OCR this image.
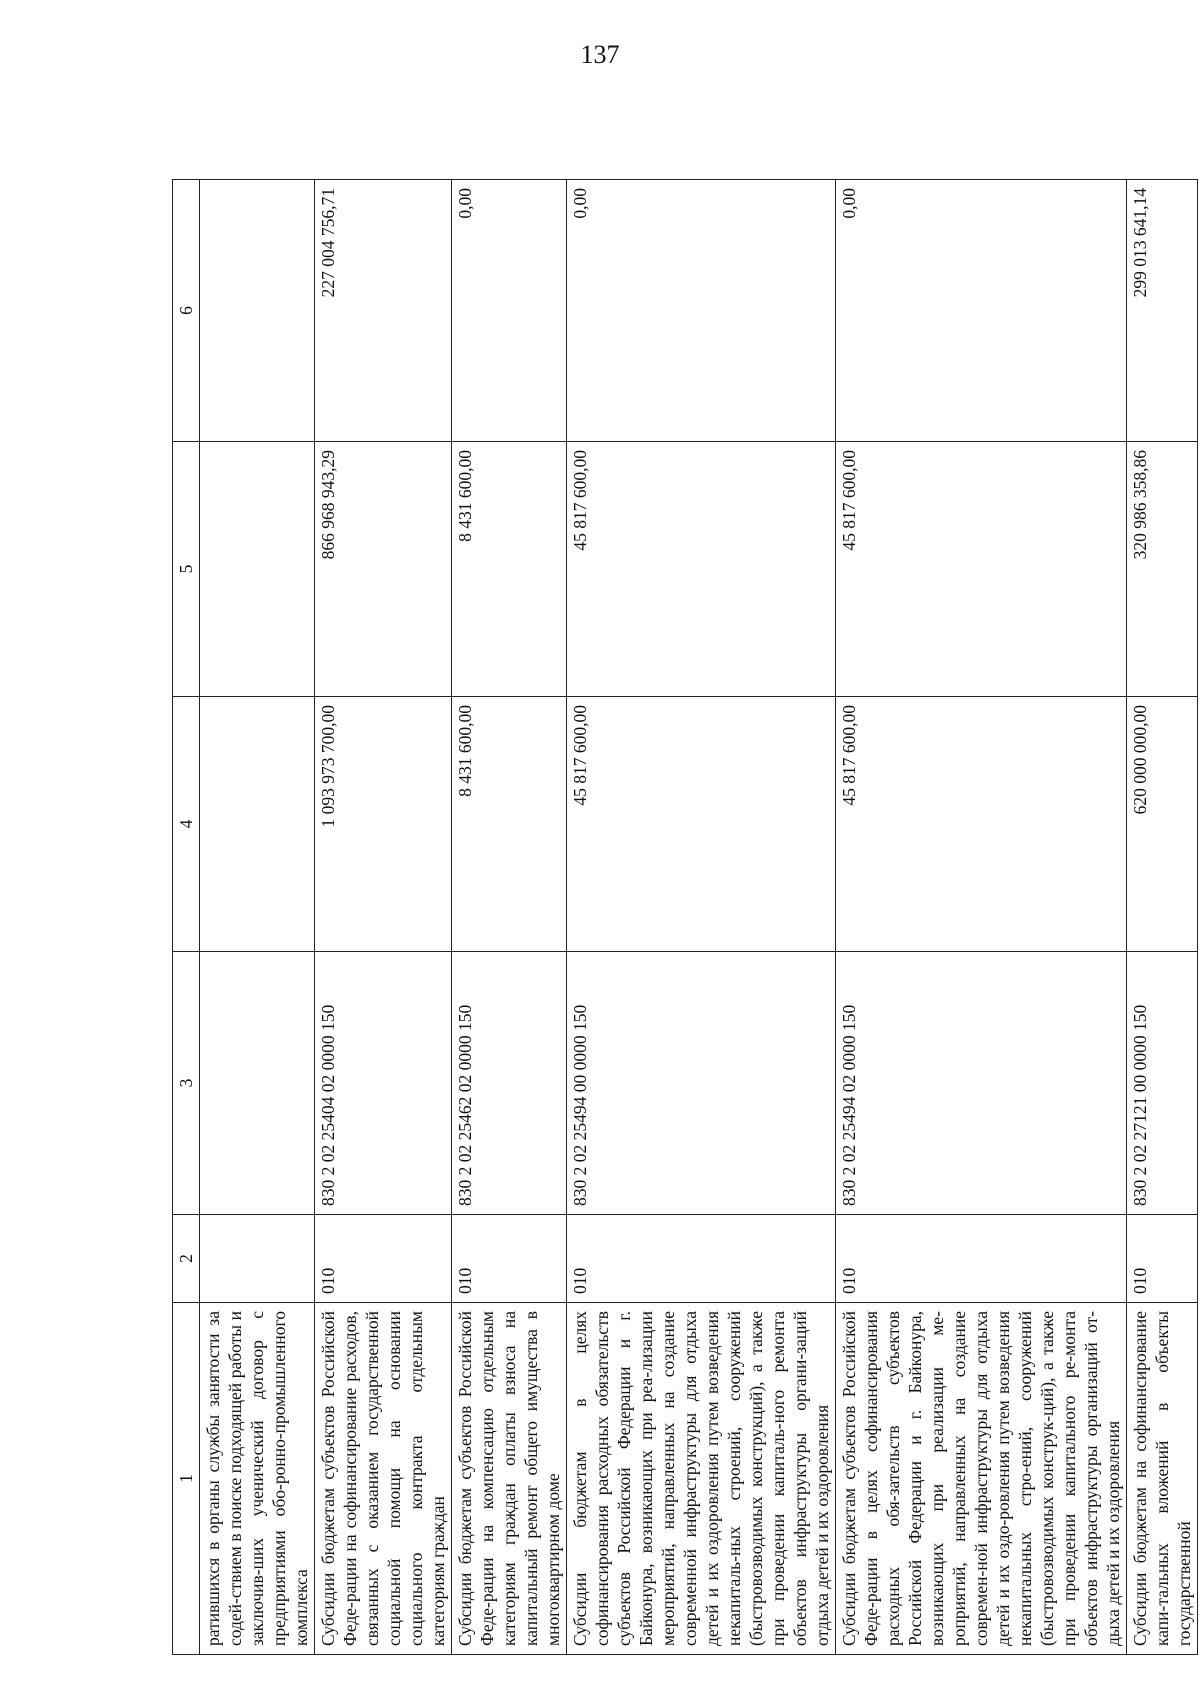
137
1	2	3	4	5	6
ратившихся в органы службы занятости за содей-ствием в поиске подходящей работы и заключив-ших ученический договор с предприятиями обо-ронно-промышленного комплекса					
Субсидии бюджетам субъектов Российской Феде-рации на софинансирование расходов, связанных с оказанием государственной социальной помощи на основании социального контракта отдельным категориям граждан	010	830 2 02 25404 02 0000 150	1 093 973 700,00	866 968 943,29	227 004 756,71
Субсидии бюджетам субъектов Российской Феде-рации на компенсацию отдельным категориям граждан оплаты взноса на капитальный ремонт общего имущества в многоквартирном доме	010	830 2 02 25462 02 0000 150	8 431 600,00	8 431 600,00	0,00
Субсидии бюджетам в целях софинансирования расходных обязательств субъектов Российской Федерации и г. Байконура, возникающих при реа-лизации мероприятий, направленных на создание современной инфраструктуры для отдыха детей и их оздоровления путем возведения некапиталь-ных строений, сооружений (быстровозводимых конструкций), а также при проведении капиталь-ного ремонта объектов инфраструктуры органи-заций отдыха детей и их оздоровления	010	830 2 02 25494 00 0000 150	45 817 600,00	45 817 600,00	0,00
Субсидии бюджетам субъектов Российской Феде-рации в целях софинансирования расходных обя-зательств субъектов Российской Федерации и г. Байконура, возникающих при реализации ме-роприятий, направленных на создание современ-ной инфраструктуры для отдыха детей и их оздо-ровления путем возведения некапитальных стро-ений, сооружений (быстровозводимых конструк-ций), а также при проведении капитального ре-монта объектов инфраструктуры организаций от-дыха детей и их оздоровления	010	830 2 02 25494 02 0000 150	45 817 600,00	45 817 600,00	0,00
Субсидии бюджетам на софинансирование капи-тальных вложений в объекты государственной	010	830 2 02 27121 00 0000 150	620 000 000,00	320 986 358,86	299 013 641,14
